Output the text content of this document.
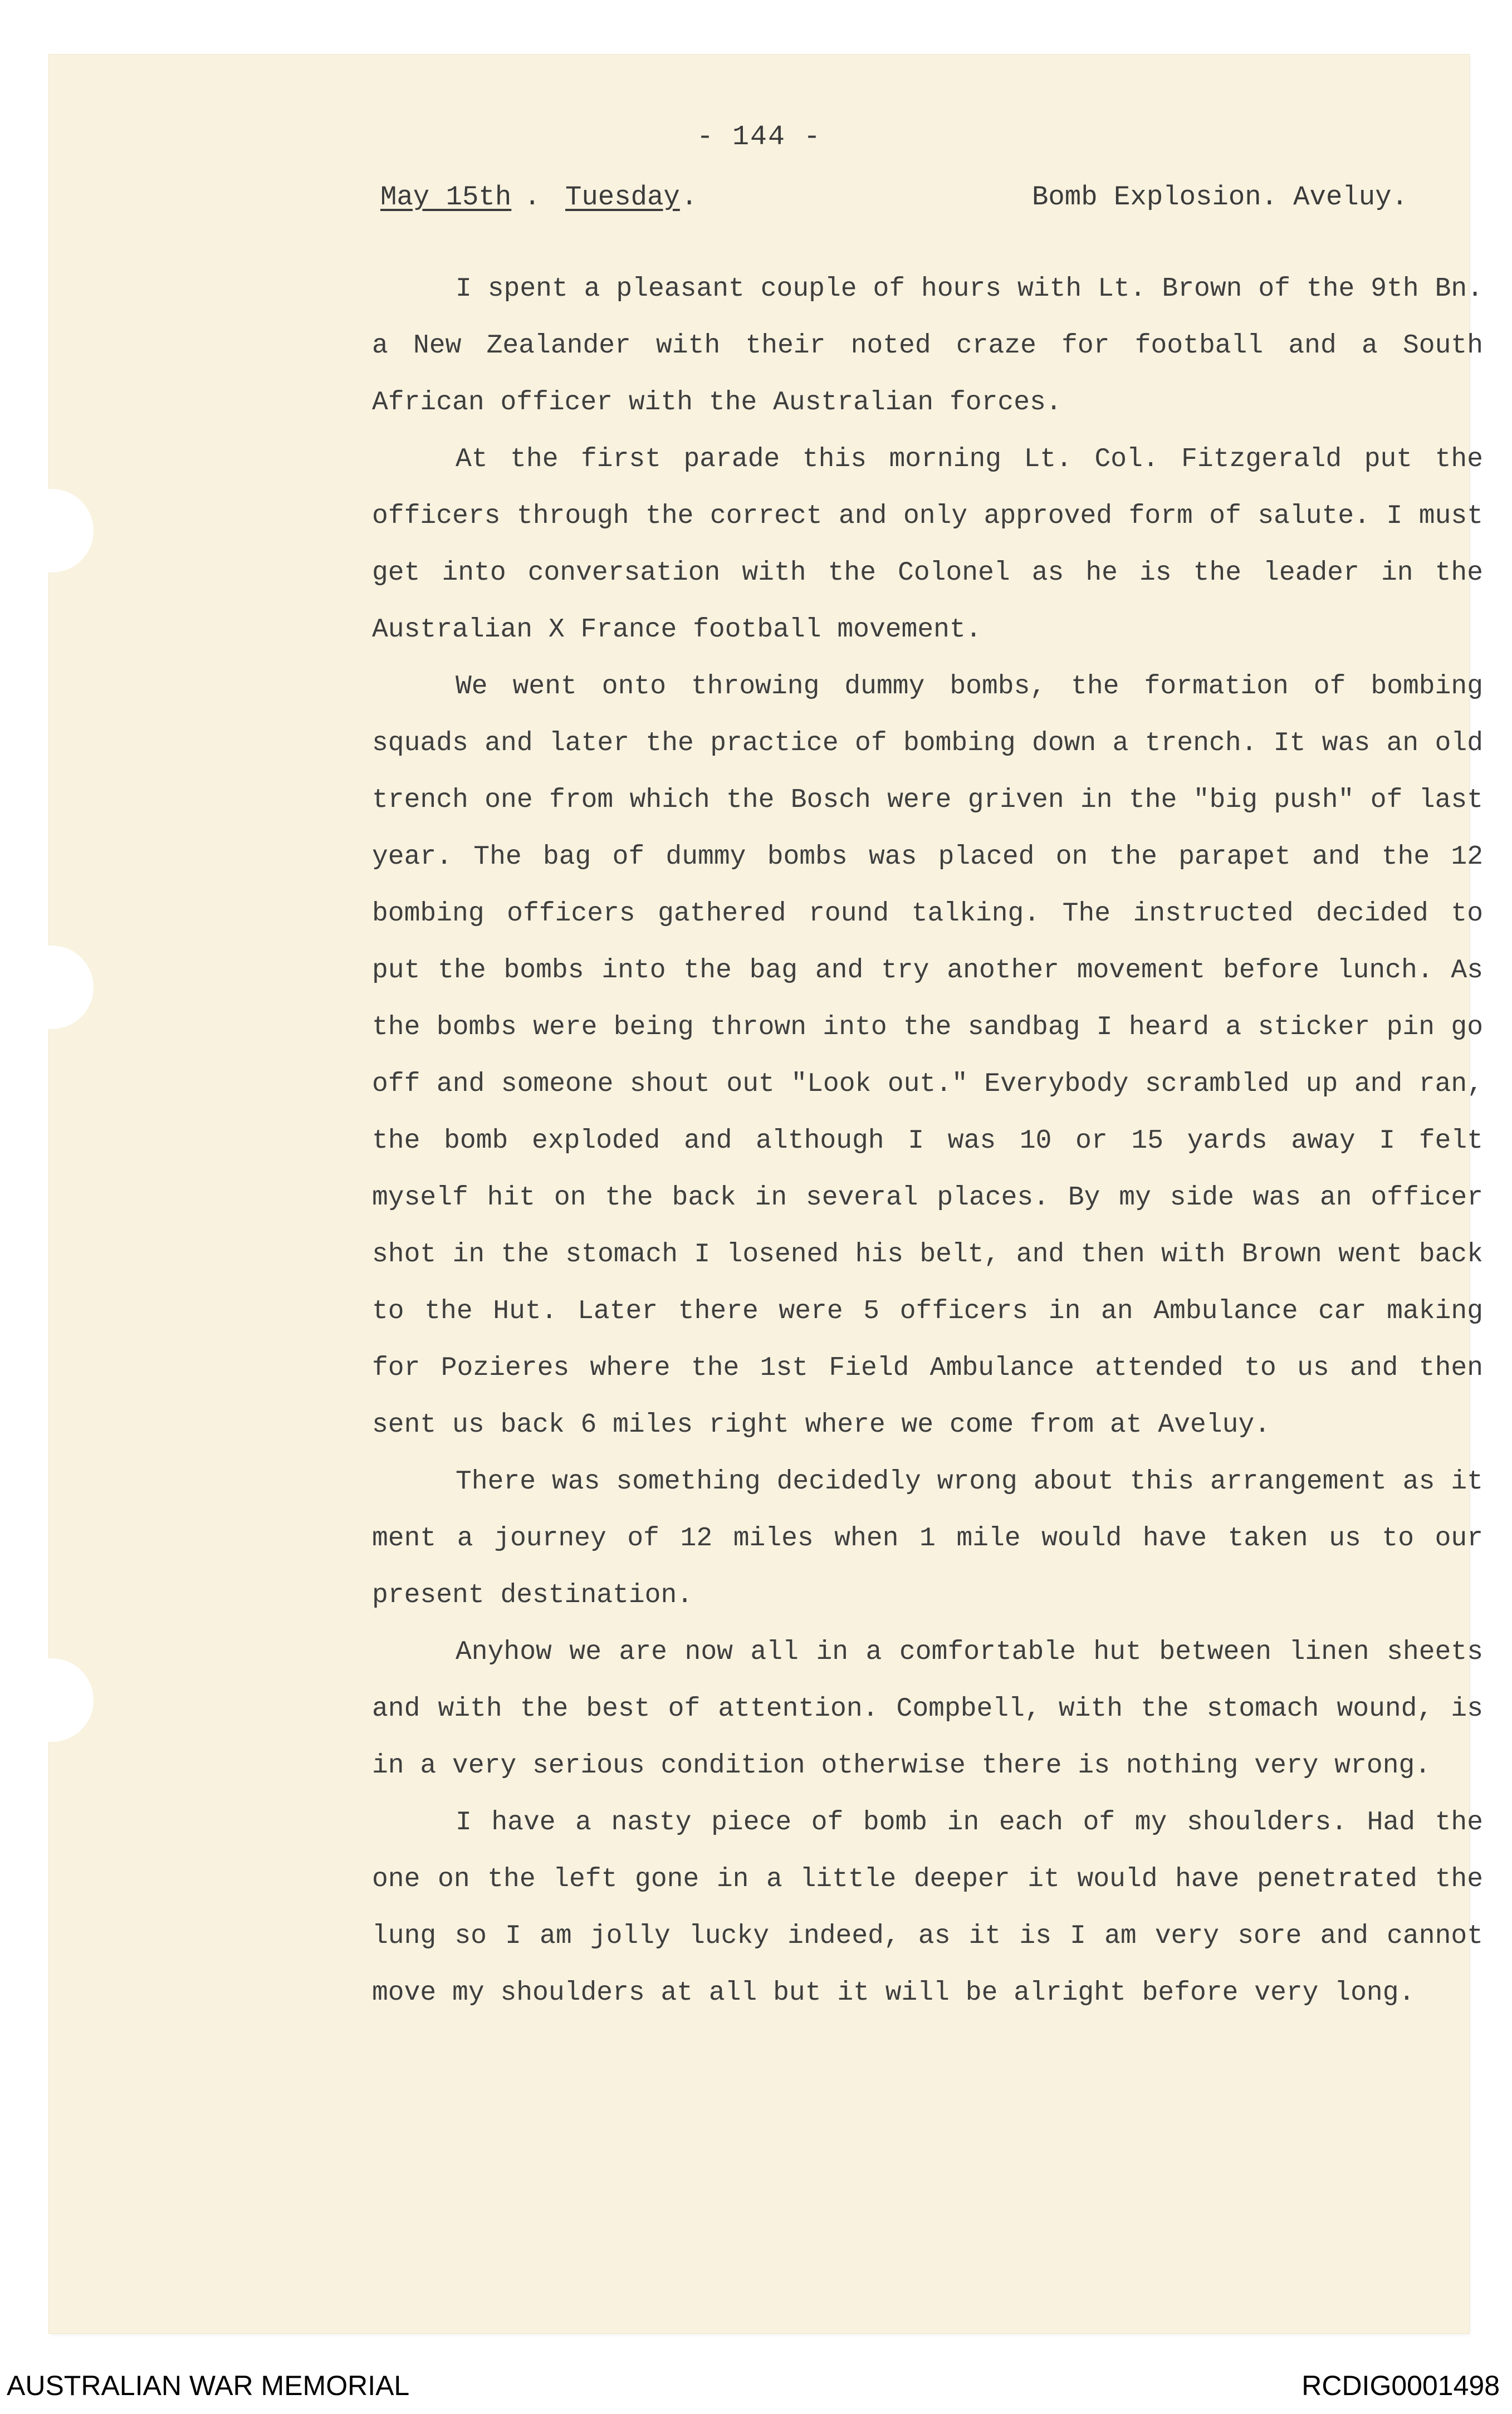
- 144 -
May 15th . Tuesday .	Bomb Explosion. Aveluy.

I spent a pleasant couple of hours with Lt. Brown of the 9th Bn. a New Zealander with their noted craze for football and a South African officer with the Australian forces.

At the first parade this morning Lt. Col. Fitzgerald put the officers through the correct and only approved form of salute. I must get into conversation with the Colonel as he is the leader in the Australian X France football movement.

We went onto throwing dummy bombs, the formation of bombing squads and later the practice of bombing down a trench. It was an old trench one from which the Bosch were griven in the "big push" of last year. The bag of dummy bombs was placed on the parapet and the 12 bombing officers gathered round talking. The instructed decided to put the bombs into the bag and try another movement before lunch. As the bombs were being thrown into the sandbag I heard a sticker pin go off and someone shout out "Look out." Everybody scrambled up and ran, the bomb exploded and although I was 10 or 15 yards away I felt myself hit on the back in several places. By my side was an officer shot in the stomach I losened his belt, and then with Brown went back to the Hut. Later there were 5 officers in an Ambulance car making for Pozieres where the 1st Field Ambulance attended to us and then sent us back 6 miles right where we come from at Aveluy.

There was something decidedly wrong about this arrangement as it ment a journey of 12 miles when 1 mile would have taken us to our present destination.

Anyhow we are now all in a comfortable hut between linen sheets and with the best of attention. Compbell, with the stomach wound, is in a very serious condition otherwise there is nothing very wrong.

I have a nasty piece of bomb in each of my shoulders. Had the one on the left gone in a little deeper it would have penetrated the lung so I am jolly lucky indeed, as it is I am very sore and cannot move my shoulders at all but it will be alright before very long.

AUSTRALIAN WAR MEMORIAL	RCDIG0001498
